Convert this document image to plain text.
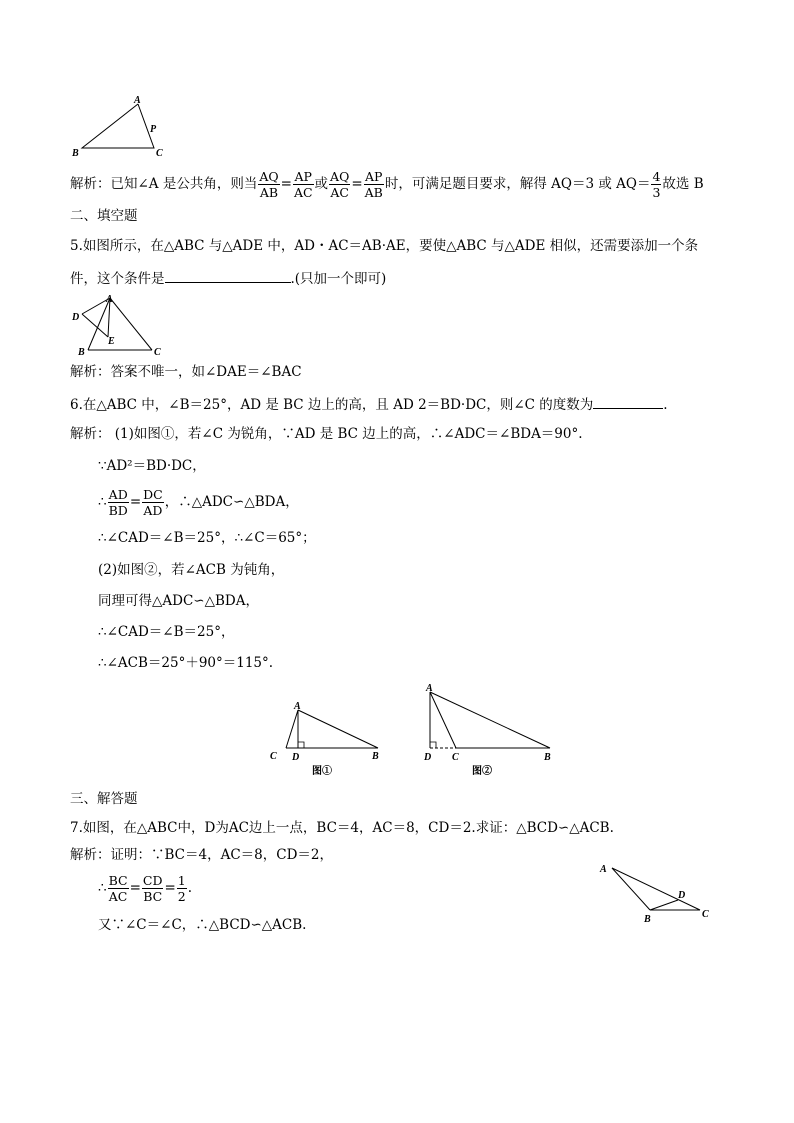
A
P
B	C
解析：已知∠A 是公共角，则当 $\frac{AQ}{AB} = \frac{AP}{AC}$ 或 $\frac{AQ}{AC} = \frac{AP}{AB}$ 时，可满足题目要求，解得 AQ＝3 或 $AQ= \frac{4}{3}$ 故选 B
二、填空题
5.如图所示，在△ABC 与△ADE 中，AD・AC＝AB·AE，要使△ABC 与△ADE 相似，还需要添加一个条
件，这个条件是	.(只加一个即可)
A
D
E
B	C
解析：答案不唯一，如∠DAE＝∠BAC
6.在△ABC 中，∠B＝25°，AD 是 BC 边上的高，且 AD 2＝BD·DC，则∠C 的度数为	.
解析： (1)如图①，若∠C 为锐角，∵AD 是 BC 边上的高，∴∠ADC＝∠BDA＝90°.
∵AD²＝BD·DC，
∴ $\frac{AD}{BD} = \frac{DC}{AD}$ ，∴△ADC∽△BDA，
∴∠CAD＝∠B＝25°，∴∠C＝65°；
(2)如图②，若∠ACB 为钝角，
同理可得△ADC∽△BDA，
∴∠CAD＝∠B＝25°，
∴∠ACB＝25°＋90°＝115°.
A
C D	B
图①
A
D C	B
图②
三、解答题
7.如图，在△ABC中，D为AC边上一点，BC＝4，AC＝8，CD＝2.求证：△BCD∽△ACB.
解析：证明：∵BC＝4，AC＝8，CD＝2，
∴ $\frac{BC}{AC} = \frac{CD}{BC} = \frac{1}{2}$ .
又∵∠C＝∠C，∴△BCD∽△ACB.
A
D
B	C
